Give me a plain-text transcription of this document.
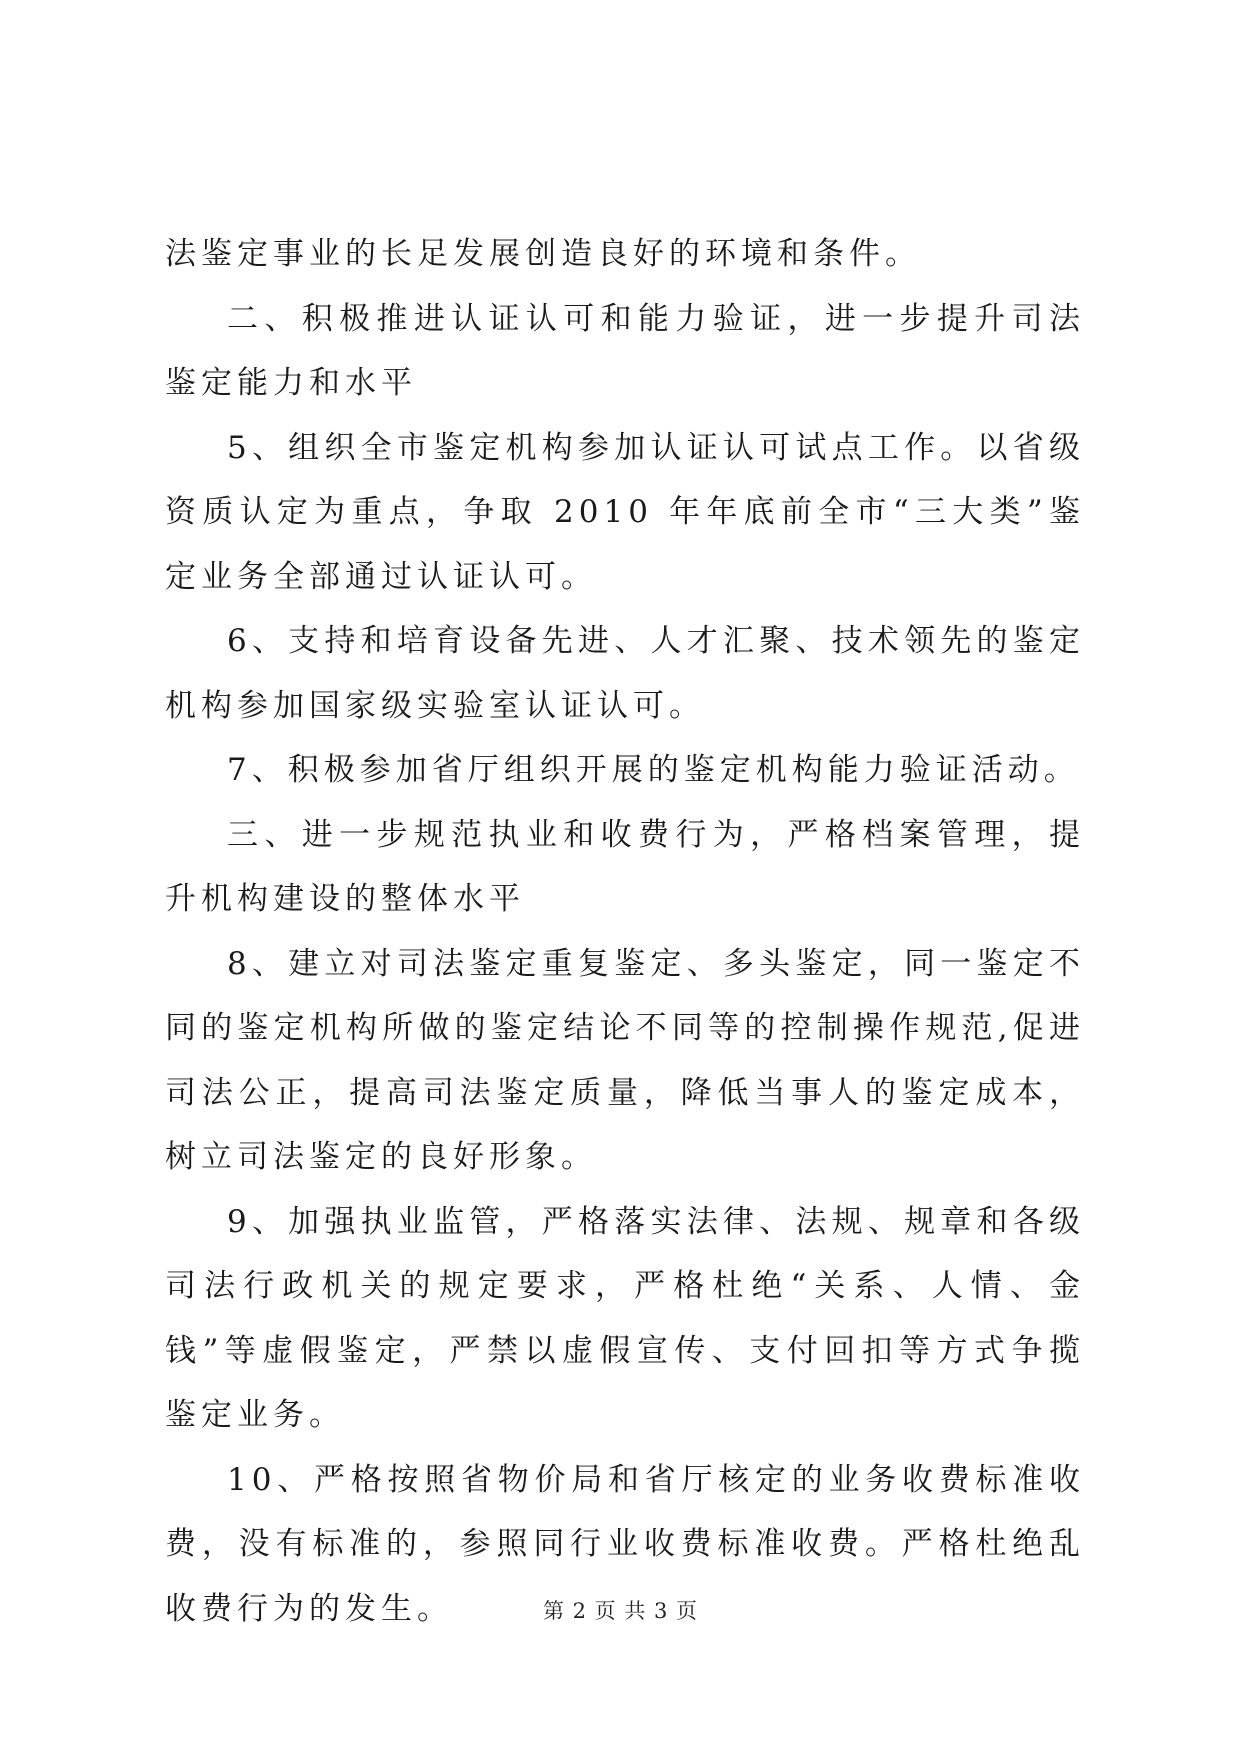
法鉴定事业的长足发展创造良好的环境和条件。

二、积极推进认证认可和能力验证，进一步提升司法鉴定能力和水平

5、组织全市鉴定机构参加认证认可试点工作。以省级资质认定为重点，争取 2010 年年底前全市“三大类”鉴定业务全部通过认证认可。

6、支持和培育设备先进、人才汇聚、技术领先的鉴定机构参加国家级实验室认证认可。

7、积极参加省厅组织开展的鉴定机构能力验证活动。

三、进一步规范执业和收费行为，严格档案管理，提升机构建设的整体水平

8、建立对司法鉴定重复鉴定、多头鉴定，同一鉴定不同的鉴定机构所做的鉴定结论不同等的控制操作规范,促进司法公正，提高司法鉴定质量，降低当事人的鉴定成本，树立司法鉴定的良好形象。

9、加强执业监管，严格落实法律、法规、规章和各级司法行政机关的规定要求，严格杜绝“关系、人情、金钱”等虚假鉴定，严禁以虚假宣传、支付回扣等方式争揽鉴定业务。

10、严格按照省物价局和省厅核定的业务收费标准收费，没有标准的，参照同行业收费标准收费。严格杜绝乱收费行为的发生。	第 2 页 共 3 页
